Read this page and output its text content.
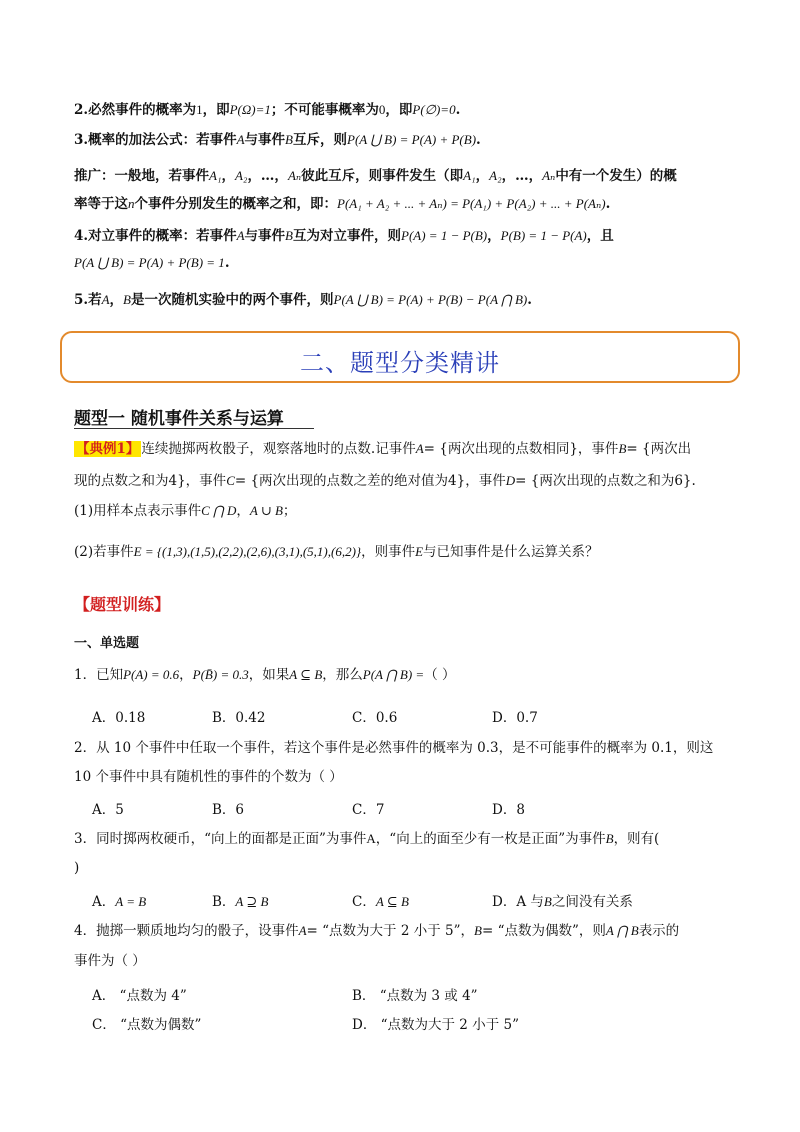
2.必然事件的概率为1，即P(Ω)=1；不可能事概率为0，即P(∅)=0.
3.概率的加法公式：若事件A与事件B互斥，则P(A ⋃ B) = P(A) + P(B).
推广：一般地，若事件A₁，A₂，…，Aₙ彼此互斥，则事件发生（即A₁，A₂，…，Aₙ中有一个发生）的概
率等于这n个事件分别发生的概率之和，即：P(A₁ + A₂ + ... + Aₙ) = P(A₁) + P(A₂) + ... + P(Aₙ).
4.对立事件的概率：若事件A与事件B互为对立事件，则P(A) = 1 − P(B)，P(B) = 1 − P(A)，且
P(A ⋃ B) = P(A) + P(B) = 1.
5.若A，B是一次随机实验中的两个事件，则P(A ⋃ B) = P(A) + P(B) − P(A ⋂ B).
二、题型分类精讲
题型一 随机事件关系与运算
【典例1】 连续抛掷两枚骰子，观察落地时的点数.记事件A= {两次出现的点数相同}，事件B= {两次出
现的点数之和为4}，事件C= {两次出现的点数之差的绝对值为4}，事件D= {两次出现的点数之和为6}.
(1)用样本点表示事件C ⋂ D，A ∪ B；
(2)若事件E = {(1,3),(1,5),(2,2),(2,6),(3,1),(5,1),(6,2)}，则事件E与已知事件是什么运算关系？
【题型训练】
一、单选题
1．已知P(A) = 0.6，P(B̄) = 0.3，如果A ⊆ B，那么P(A ⋂ B) =（ ）
A．0.18	B．0.42	C．0.6	D．0.7
2．从 10 个事件中任取一个事件，若这个事件是必然事件的概率为 0.3，是不可能事件的概率为 0.1，则这
10 个事件中具有随机性的事件的个数为（ ）
A．5	B．6	C．7	D．8
3．同时掷两枚硬币，“向上的面都是正面”为事件A，“向上的面至少有一枚是正面”为事件B，则有(
)
A．A = B	B．A ⊇ B	C．A ⊆ B	D．A 与B之间没有关系
4．抛掷一颗质地均匀的骰子，设事件A= “点数为大于 2 小于 5”，B= “点数为偶数”，则A ⋂ B表示的
事件为（ ）
A． “点数为 4”	B． “点数为 3 或 4”
C． “点数为偶数”	D． “点数为大于 2 小于 5”
